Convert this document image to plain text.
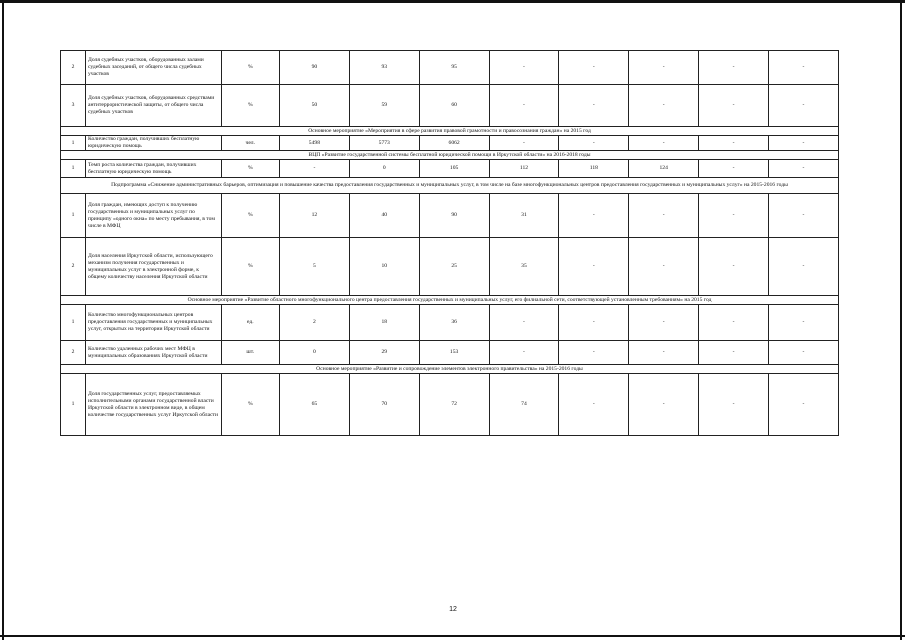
2	Доля судебных участков, оборудованных залами судебных заседаний, от общего числа судебных участков	%	90	93	95	-	-	-	-	-
3	Доля судебных участков, оборудованных средствами антитеррористической защиты, от общего числа судебных участков	%	50	59	60	-	-	-	-	-
Основное мероприятие «Мероприятия в сфере развития правовой грамотности и правосознания граждан» на 2015 год										
1	Количество граждан, получивших бесплатную юридическую помощь	чел.	5498	5773	6062	-	-	-	-	-
ВЦП «Развитие государственной системы бесплатной юридической помощи в Иркутской области» на 2016-2018 годы										
1	Темп роста количества граждан, получивших бесплатную юридическую помощь	%	-	0	105	112	118	124	-	-
Подпрограмма «Снижение административных барьеров, оптимизация и повышение качества предоставления государственных и муниципальных услуг, в том числе на базе многофункциональных центров предоставления государственных и муниципальных услуг» на 2015-2016 годы										
1	Доля граждан, имеющих доступ к получению государственных и муниципальных услуг по принципу «одного окна» по месту пребывания, в том числе в МФЦ	%	12	40	90	31	-	-	-	-
2	Доля населения Иркутской области, использующего механизм получения государственных и муниципальных услуг в электронной форме, к общему количеству населения Иркутской области	%	5	10	25	35	-	-	-	-
Основное мероприятие «Развитие областного многофункционального центра предоставления государственных и муниципальных услуг, его филиальной сети, соответствующей установленным требованиям» на 2015 год										
1	Количество многофункциональных центров предоставления государственных и муниципальных услуг, открытых на территории Иркутской области	ед.	2	18	36	-	-	-	-	-
2	Количество удаленных рабочих мест МФЦ в муниципальных образованиях Иркутской области	шт.	0	29	153	-	-	-	-	-
Основное мероприятие «Развитие и сопровождение элементов электронного правительства» на 2015-2016 годы										
1	Доля государственных услуг, предоставляемых исполнительными органами государственной власти Иркутской области в электронном виде, в общем количестве государственных услуг Иркутской области	%	65	70	72	74	-	-	-	-
12
